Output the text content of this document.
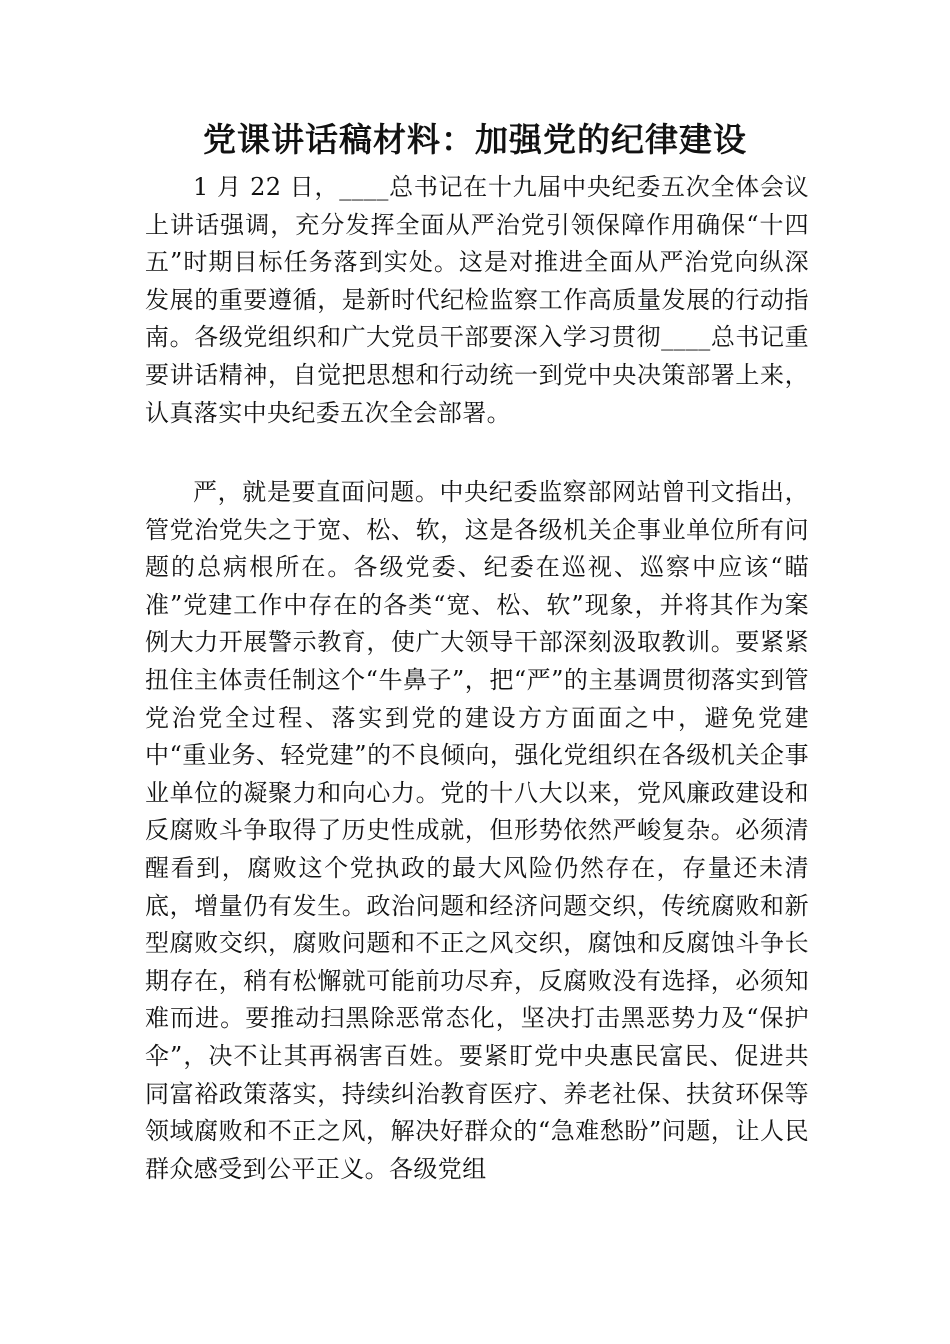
党课讲话稿材料：加强党的纪律建设

1 月 22 日，____总书记在十九届中央纪委五次全体会议上讲话强调，充分发挥全面从严治党引领保障作用确保“十四五”时期目标任务落到实处。这是对推进全面从严治党向纵深发展的重要遵循，是新时代纪检监察工作高质量发展的行动指南。各级党组织和广大党员干部要深入学习贯彻____总书记重要讲话精神，自觉把思想和行动统一到党中央决策部署上来，认真落实中央纪委五次全会部署。

严，就是要直面问题。中央纪委监察部网站曾刊文指出，管党治党失之于宽、松、软，这是各级机关企事业单位所有问题的总病根所在。各级党委、纪委在巡视、巡察中应该“瞄准”党建工作中存在的各类“宽、松、软”现象，并将其作为案例大力开展警示教育，使广大领导干部深刻汲取教训。要紧紧扭住主体责任制这个“牛鼻子”，把“严”的主基调贯彻落实到管党治党全过程、落实到党的建设方方面面之中，避免党建中“重业务、轻党建”的不良倾向，强化党组织在各级机关企事业单位的凝聚力和向心力。党的十八大以来，党风廉政建设和反腐败斗争取得了历史性成就，但形势依然严峻复杂。必须清醒看到，腐败这个党执政的最大风险仍然存在，存量还未清底，增量仍有发生。政治问题和经济问题交织，传统腐败和新型腐败交织，腐败问题和不正之风交织，腐蚀和反腐蚀斗争长期存在，稍有松懈就可能前功尽弃，反腐败没有选择，必须知难而进。要推动扫黑除恶常态化，坚决打击黑恶势力及“保护伞”，决不让其再祸害百姓。要紧盯党中央惠民富民、促进共同富裕政策落实，持续纠治教育医疗、养老社保、扶贫环保等领域腐败和不正之风，解决好群众的“急难愁盼”问题，让人民群众感受到公平正义。各级党组
